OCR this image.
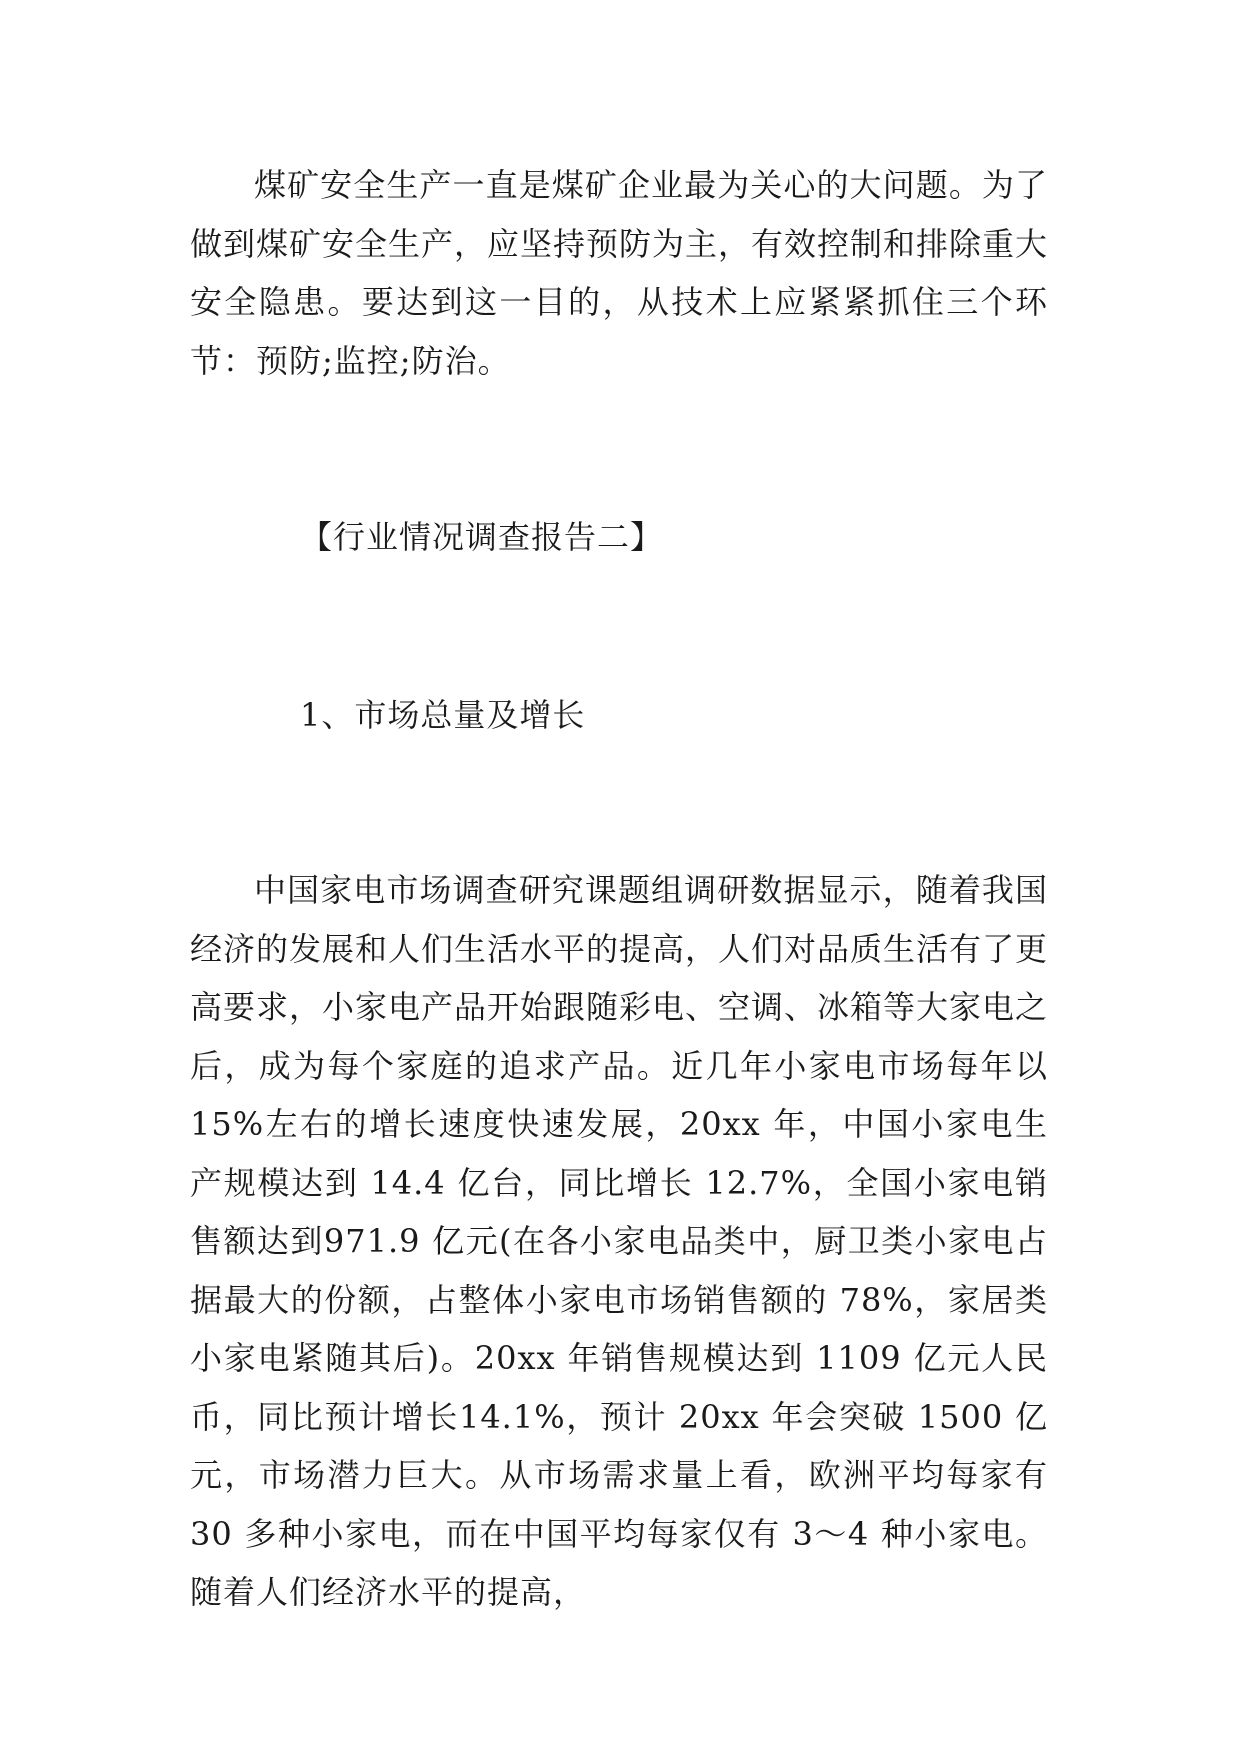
煤矿安全生产一直是煤矿企业最为关心的大问题。为了做到煤矿安全生产，应坚持预防为主，有效控制和排除重大安全隐患。要达到这一目的，从技术上应紧紧抓住三个环节：预防;监控;防治。

【行业情况调查报告二】
1、市场总量及增长

中国家电市场调查研究课题组调研数据显示，随着我国经济的发展和人们生活水平的提高，人们对品质生活有了更高要求，小家电产品开始跟随彩电、空调、冰箱等大家电之后，成为每个家庭的追求产品。近几年小家电市场每年以15%左右的增长速度快速发展，20xx 年，中国小家电生产规模达到 14.4 亿台，同比增长 12.7%，全国小家电销售额达到971.9 亿元(在各小家电品类中，厨卫类小家电占据最大的份额，占整体小家电市场销售额的 78%，家居类小家电紧随其后)。20xx 年销售规模达到 1109 亿元人民币，同比预计增长14.1%，预计 20xx 年会突破 1500 亿元，市场潜力巨大。从市场需求量上看，欧洲平均每家有 30 多种小家电，而在中国平均每家仅有 3～4 种小家电。随着人们经济水平的提高，
